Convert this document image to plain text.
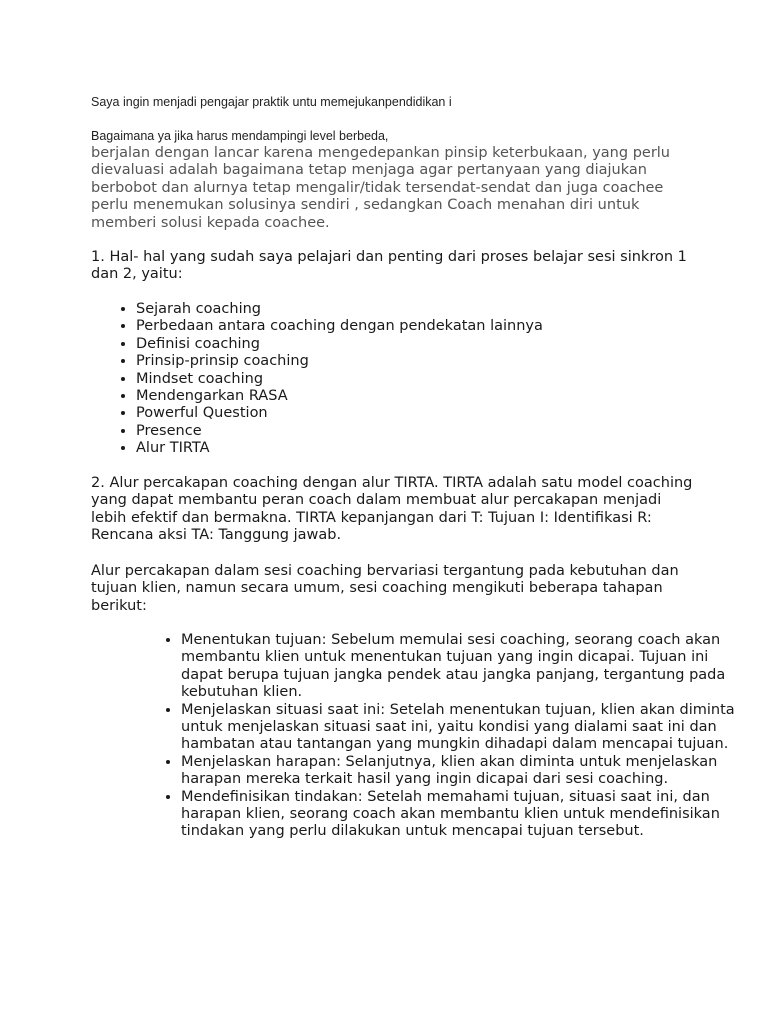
Saya ingin menjadi pengajar praktik untu memejukanpendidikan i
Bagaimana ya jika harus mendampingi level berbeda,
berjalan dengan lancar karena mengedepankan pinsip keterbukaan, yang perlu dievaluasi adalah bagaimana tetap menjaga agar pertanyaan yang diajukan berbobot dan alurnya tetap mengalir/tidak tersendat-sendat dan juga coachee perlu menemukan solusinya sendiri , sedangkan Coach menahan diri untuk memberi solusi kepada coachee.
1. Hal- hal yang sudah saya pelajari dan penting dari proses belajar sesi sinkron 1 dan 2, yaitu:
• Sejarah coaching
• Perbedaan antara coaching dengan pendekatan lainnya
• Definisi coaching
• Prinsip-prinsip coaching
• Mindset coaching
• Mendengarkan RASA
• Powerful Question
• Presence
• Alur TIRTA
2. Alur percakapan coaching dengan alur TIRTA. TIRTA adalah satu model coaching yang dapat membantu peran coach dalam membuat alur percakapan menjadi lebih efektif dan bermakna. TIRTA kepanjangan dari T: Tujuan I: Identifikasi R: Rencana aksi TA: Tanggung jawab.
Alur percakapan dalam sesi coaching bervariasi tergantung pada kebutuhan dan tujuan klien, namun secara umum, sesi coaching mengikuti beberapa tahapan berikut:
• Menentukan tujuan: Sebelum memulai sesi coaching, seorang coach akan membantu klien untuk menentukan tujuan yang ingin dicapai. Tujuan ini dapat berupa tujuan jangka pendek atau jangka panjang, tergantung pada kebutuhan klien.
• Menjelaskan situasi saat ini: Setelah menentukan tujuan, klien akan diminta untuk menjelaskan situasi saat ini, yaitu kondisi yang dialami saat ini dan hambatan atau tantangan yang mungkin dihadapi dalam mencapai tujuan.
• Menjelaskan harapan: Selanjutnya, klien akan diminta untuk menjelaskan harapan mereka terkait hasil yang ingin dicapai dari sesi coaching.
• Mendefinisikan tindakan: Setelah memahami tujuan, situasi saat ini, dan harapan klien, seorang coach akan membantu klien untuk mendefinisikan tindakan yang perlu dilakukan untuk mencapai tujuan tersebut.
